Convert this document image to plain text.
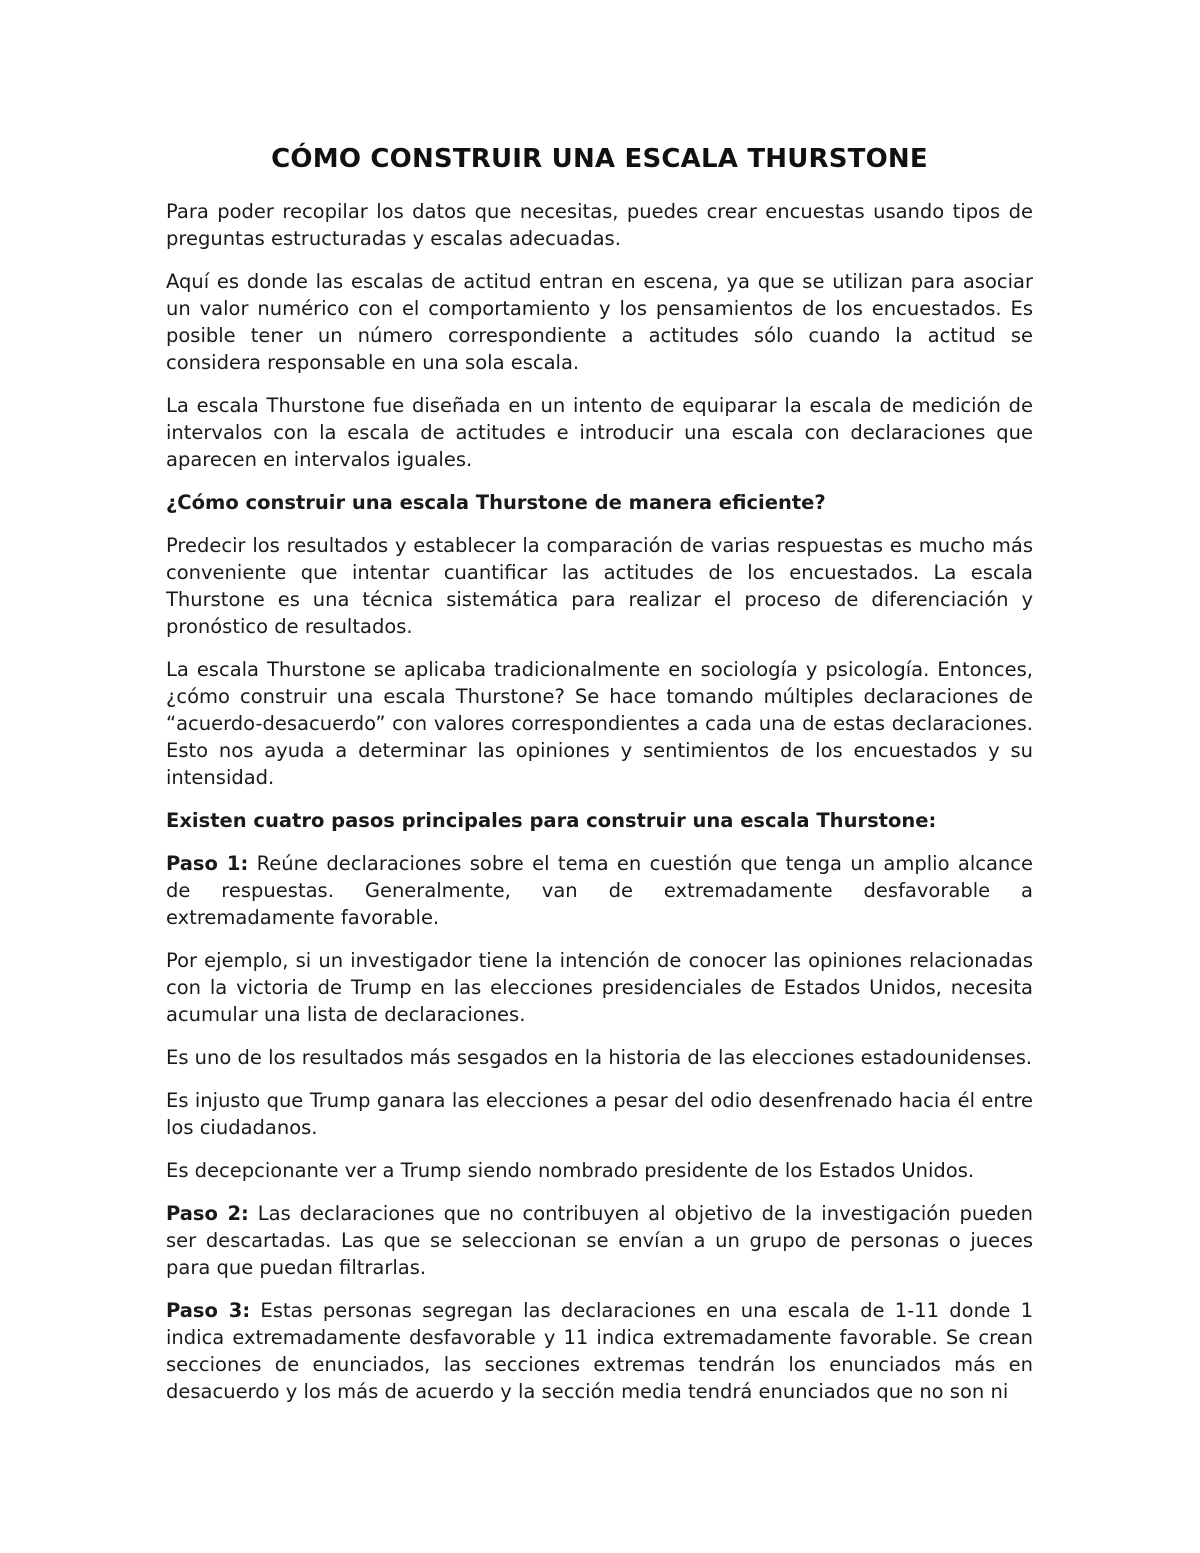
CÓMO CONSTRUIR UNA ESCALA THURSTONE

Para poder recopilar los datos que necesitas, puedes crear encuestas usando tipos de preguntas estructuradas y escalas adecuadas.

Aquí es donde las escalas de actitud entran en escena, ya que se utilizan para asociar un valor numérico con el comportamiento y los pensamientos de los encuestados. Es posible tener un número correspondiente a actitudes sólo cuando la actitud se considera responsable en una sola escala.

La escala Thurstone fue diseñada en un intento de equiparar la escala de medición de intervalos con la escala de actitudes e introducir una escala con declaraciones que aparecen en intervalos iguales.

¿Cómo construir una escala Thurstone de manera eficiente?

Predecir los resultados y establecer la comparación de varias respuestas es mucho más conveniente que intentar cuantificar las actitudes de los encuestados. La escala Thurstone es una técnica sistemática para realizar el proceso de diferenciación y pronóstico de resultados.

La escala Thurstone se aplicaba tradicionalmente en sociología y psicología. Entonces, ¿cómo construir una escala Thurstone? Se hace tomando múltiples declaraciones de “acuerdo-desacuerdo” con valores correspondientes a cada una de estas declaraciones. Esto nos ayuda a determinar las opiniones y sentimientos de los encuestados y su intensidad.

Existen cuatro pasos principales para construir una escala Thurstone:

Paso 1: Reúne declaraciones sobre el tema en cuestión que tenga un amplio alcance de respuestas. Generalmente, van de extremadamente desfavorable a extremadamente favorable.

Por ejemplo, si un investigador tiene la intención de conocer las opiniones relacionadas con la victoria de Trump en las elecciones presidenciales de Estados Unidos, necesita acumular una lista de declaraciones.

Es uno de los resultados más sesgados en la historia de las elecciones estadounidenses.

Es injusto que Trump ganara las elecciones a pesar del odio desenfrenado hacia él entre los ciudadanos.

Es decepcionante ver a Trump siendo nombrado presidente de los Estados Unidos.

Paso 2: Las declaraciones que no contribuyen al objetivo de la investigación pueden ser descartadas. Las que se seleccionan se envían a un grupo de personas o jueces para que puedan filtrarlas.

Paso 3: Estas personas segregan las declaraciones en una escala de 1-11 donde 1 indica extremadamente desfavorable y 11 indica extremadamente favorable. Se crean secciones de enunciados, las secciones extremas tendrán los enunciados más en desacuerdo y los más de acuerdo y la sección media tendrá enunciados que no son ni
